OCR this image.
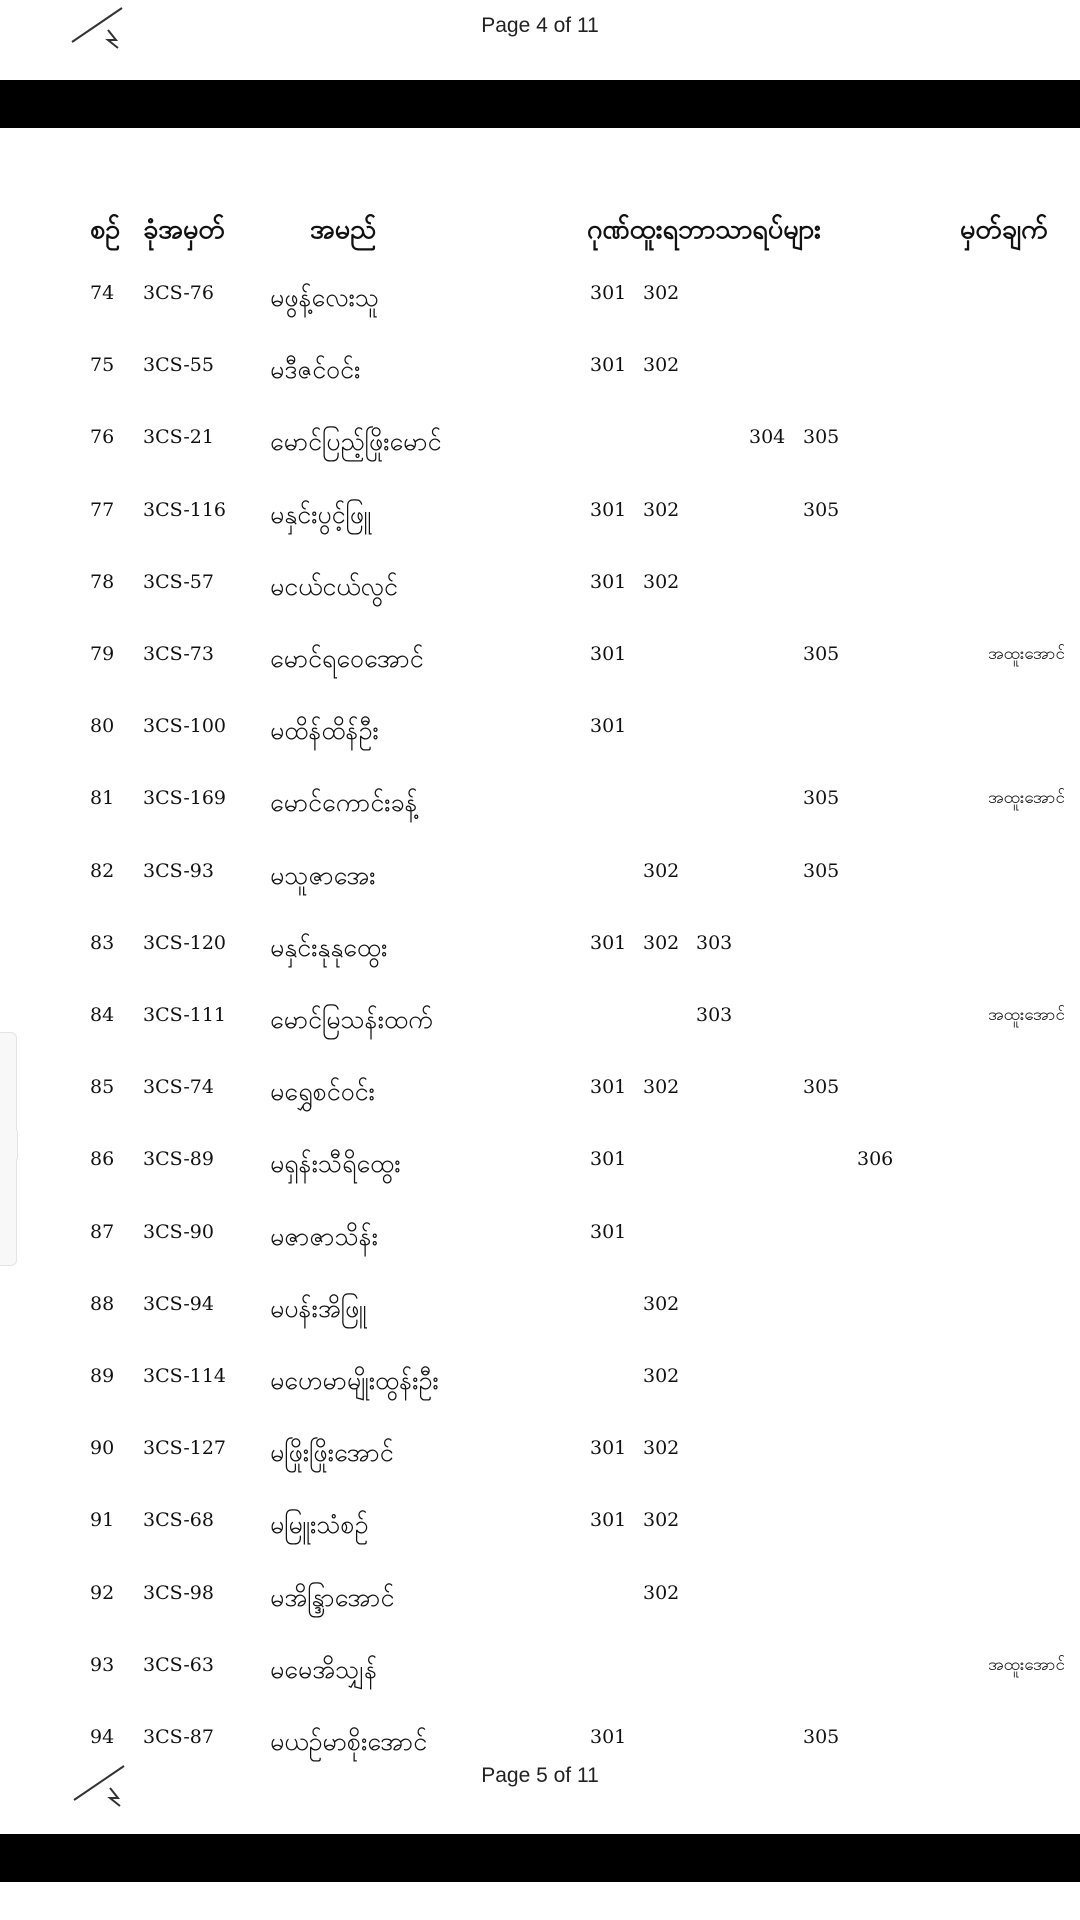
Page 4 of 11
စဉ် ခုံအမှတ်	အမည်	ဂုဏ်ထူးရဘာသာရပ်များ	မှတ်ချက်
74 3CS-76 မဖွန့်လေးသူ	301 302
75 3CS-55 မဒီဇင်ဝင်း	301 302
76 3CS-21 မောင်ပြည့်ဖြိုးမောင်	304 305
77 3CS-116 မနှင်းပွင့်ဖြူ	301 302	305
78 3CS-57 မငယ်ငယ်လွင်	301 302
79 3CS-73 မောင်ရဝေအောင်	301	305	အထူးအောင်
80 3CS-100 မထိန်ထိန်ဦး	301
81 3CS-169 မောင်ကောင်းခန့်	305	အထူးအောင်
82 3CS-93 မသူဇာအေး	302	305
83 3CS-120 မနှင်းနုနုထွေး	301 302 303
84 3CS-111 မောင်မြသန်းထက်	303	အထူးအောင်
85 3CS-74 မရွှေစင်ဝင်း	301 302	305
86 3CS-89 မရှန်းသီရိထွေး	301	306
87 3CS-90 မဇာဇာသိန်း	301
88 3CS-94 မပန်းအိဖြူ	302
89 3CS-114 မဟေမာမျိုးထွန်းဦး	302
90 3CS-127 မဖြိုးဖြိုးအောင်	301 302
91 3CS-68 မမြူးသံစဉ်	301 302
92 3CS-98 မအိန္ဒြာအောင်	302
93 3CS-63 မမေအိသျှန်	အထူးအောင်
94 3CS-87 မယဉ်မာစိုးအောင်	301	305
Page 5 of 11
